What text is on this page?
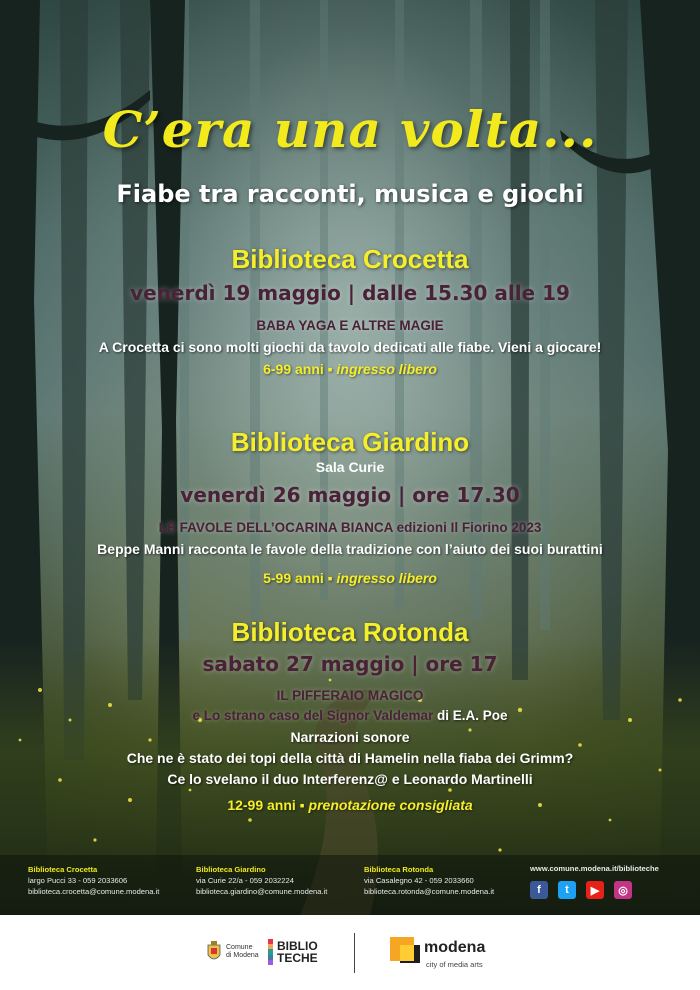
C’era una volta...
Fiabe tra racconti, musica e giochi
Biblioteca Crocetta
venerdì 19 maggio | dalle 15.30 alle 19
BABA YAGA E ALTRE MAGIE
A Crocetta ci sono molti giochi da tavolo dedicati alle fiabe. Vieni a giocare!
6-99 anni ▪ ingresso libero
Biblioteca Giardino
Sala Curie
venerdì 26 maggio | ore 17.30
LE FAVOLE DELL’OCARINA BIANCA edizioni Il Fiorino 2023
Beppe Manni racconta le favole della tradizione con l’aiuto dei suoi burattini
5-99 anni ▪ ingresso libero
Biblioteca Rotonda
sabato 27 maggio | ore 17
IL PIFFERAIO MAGICO
e Lo strano caso del Signor Valdemar di E.A. Poe
Narrazioni sonore
Che ne è stato dei topi della città di Hamelin nella fiaba dei Grimm?
Ce lo svelano il duo Interferenz@ e Leonardo Martinelli
12-99 anni ▪ prenotazione consigliata
Biblioteca Crocetta
largo Pucci 33 - 059 2033606
biblioteca.crocetta@comune.modena.it
Biblioteca Giardino
via Curie 22/a - 059 2032224
biblioteca.giardino@comune.modena.it
Biblioteca Rotonda
via Casalegno 42 - 059 2033660
biblioteca.rotonda@comune.modena.it
www.comune.modena.it/biblioteche
f	t	▶	◎
Comune
di Modena
BIBLIO
TECHE
modena
city of media arts
